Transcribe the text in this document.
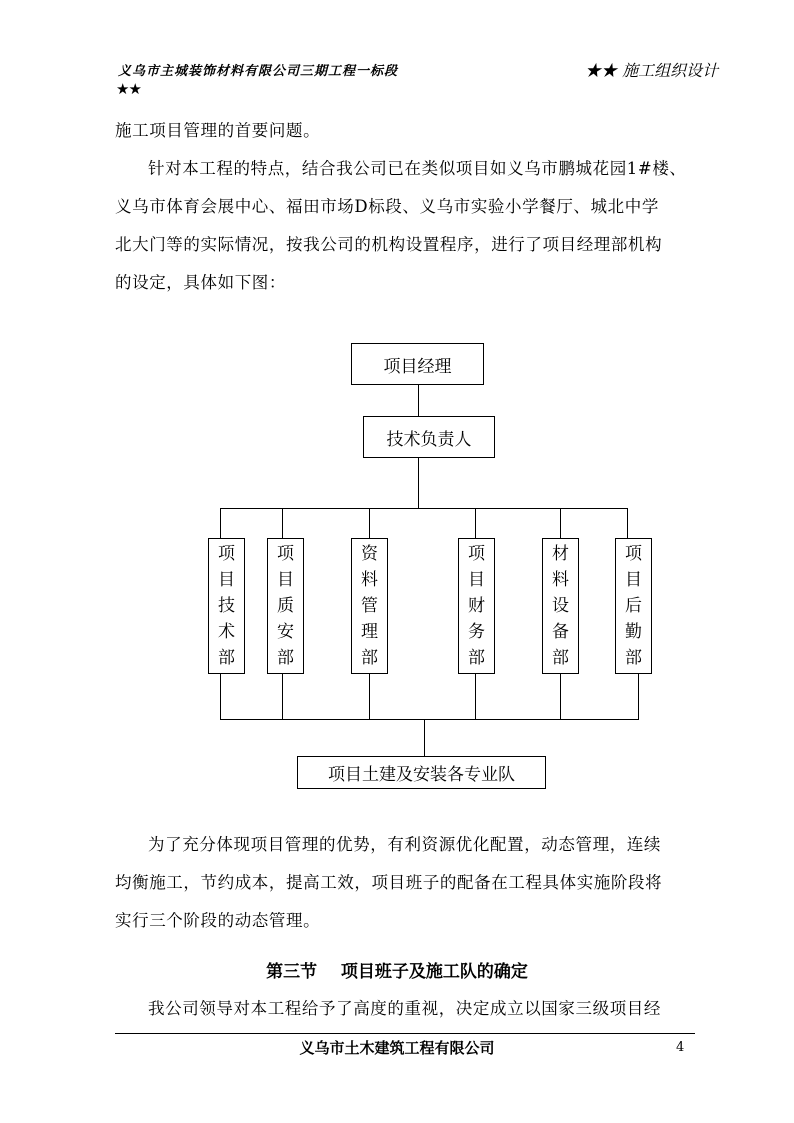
义乌市主城装饰材料有限公司三期工程一标段
★★
★★ 施工组织设计
施工项目管理的首要问题。
针对本工程的特点，结合我公司已在类似项目如义乌市鹏城花园1#楼、
义乌市体育会展中心、福田市场D标段、义乌市实验小学餐厅、城北中学
北大门等的实际情况，按我公司的机构设置程序，进行了项目经理部机构
的设定，具体如下图：
项目经理
技术负责人
项
目
技
术
部
项
目
质
安
部
资
料
管
理
部
项
目
财
务
部
材
料
设
备
部
项
目
后
勤
部
项目土建及安装各专业队
为了充分体现项目管理的优势，有利资源优化配置，动态管理，连续
均衡施工，节约成本，提高工效，项目班子的配备在工程具体实施阶段将
实行三个阶段的动态管理。
第三节    项目班子及施工队的确定
我公司领导对本工程给予了高度的重视，决定成立以国家三级项目经
义乌市土木建筑工程有限公司	4
